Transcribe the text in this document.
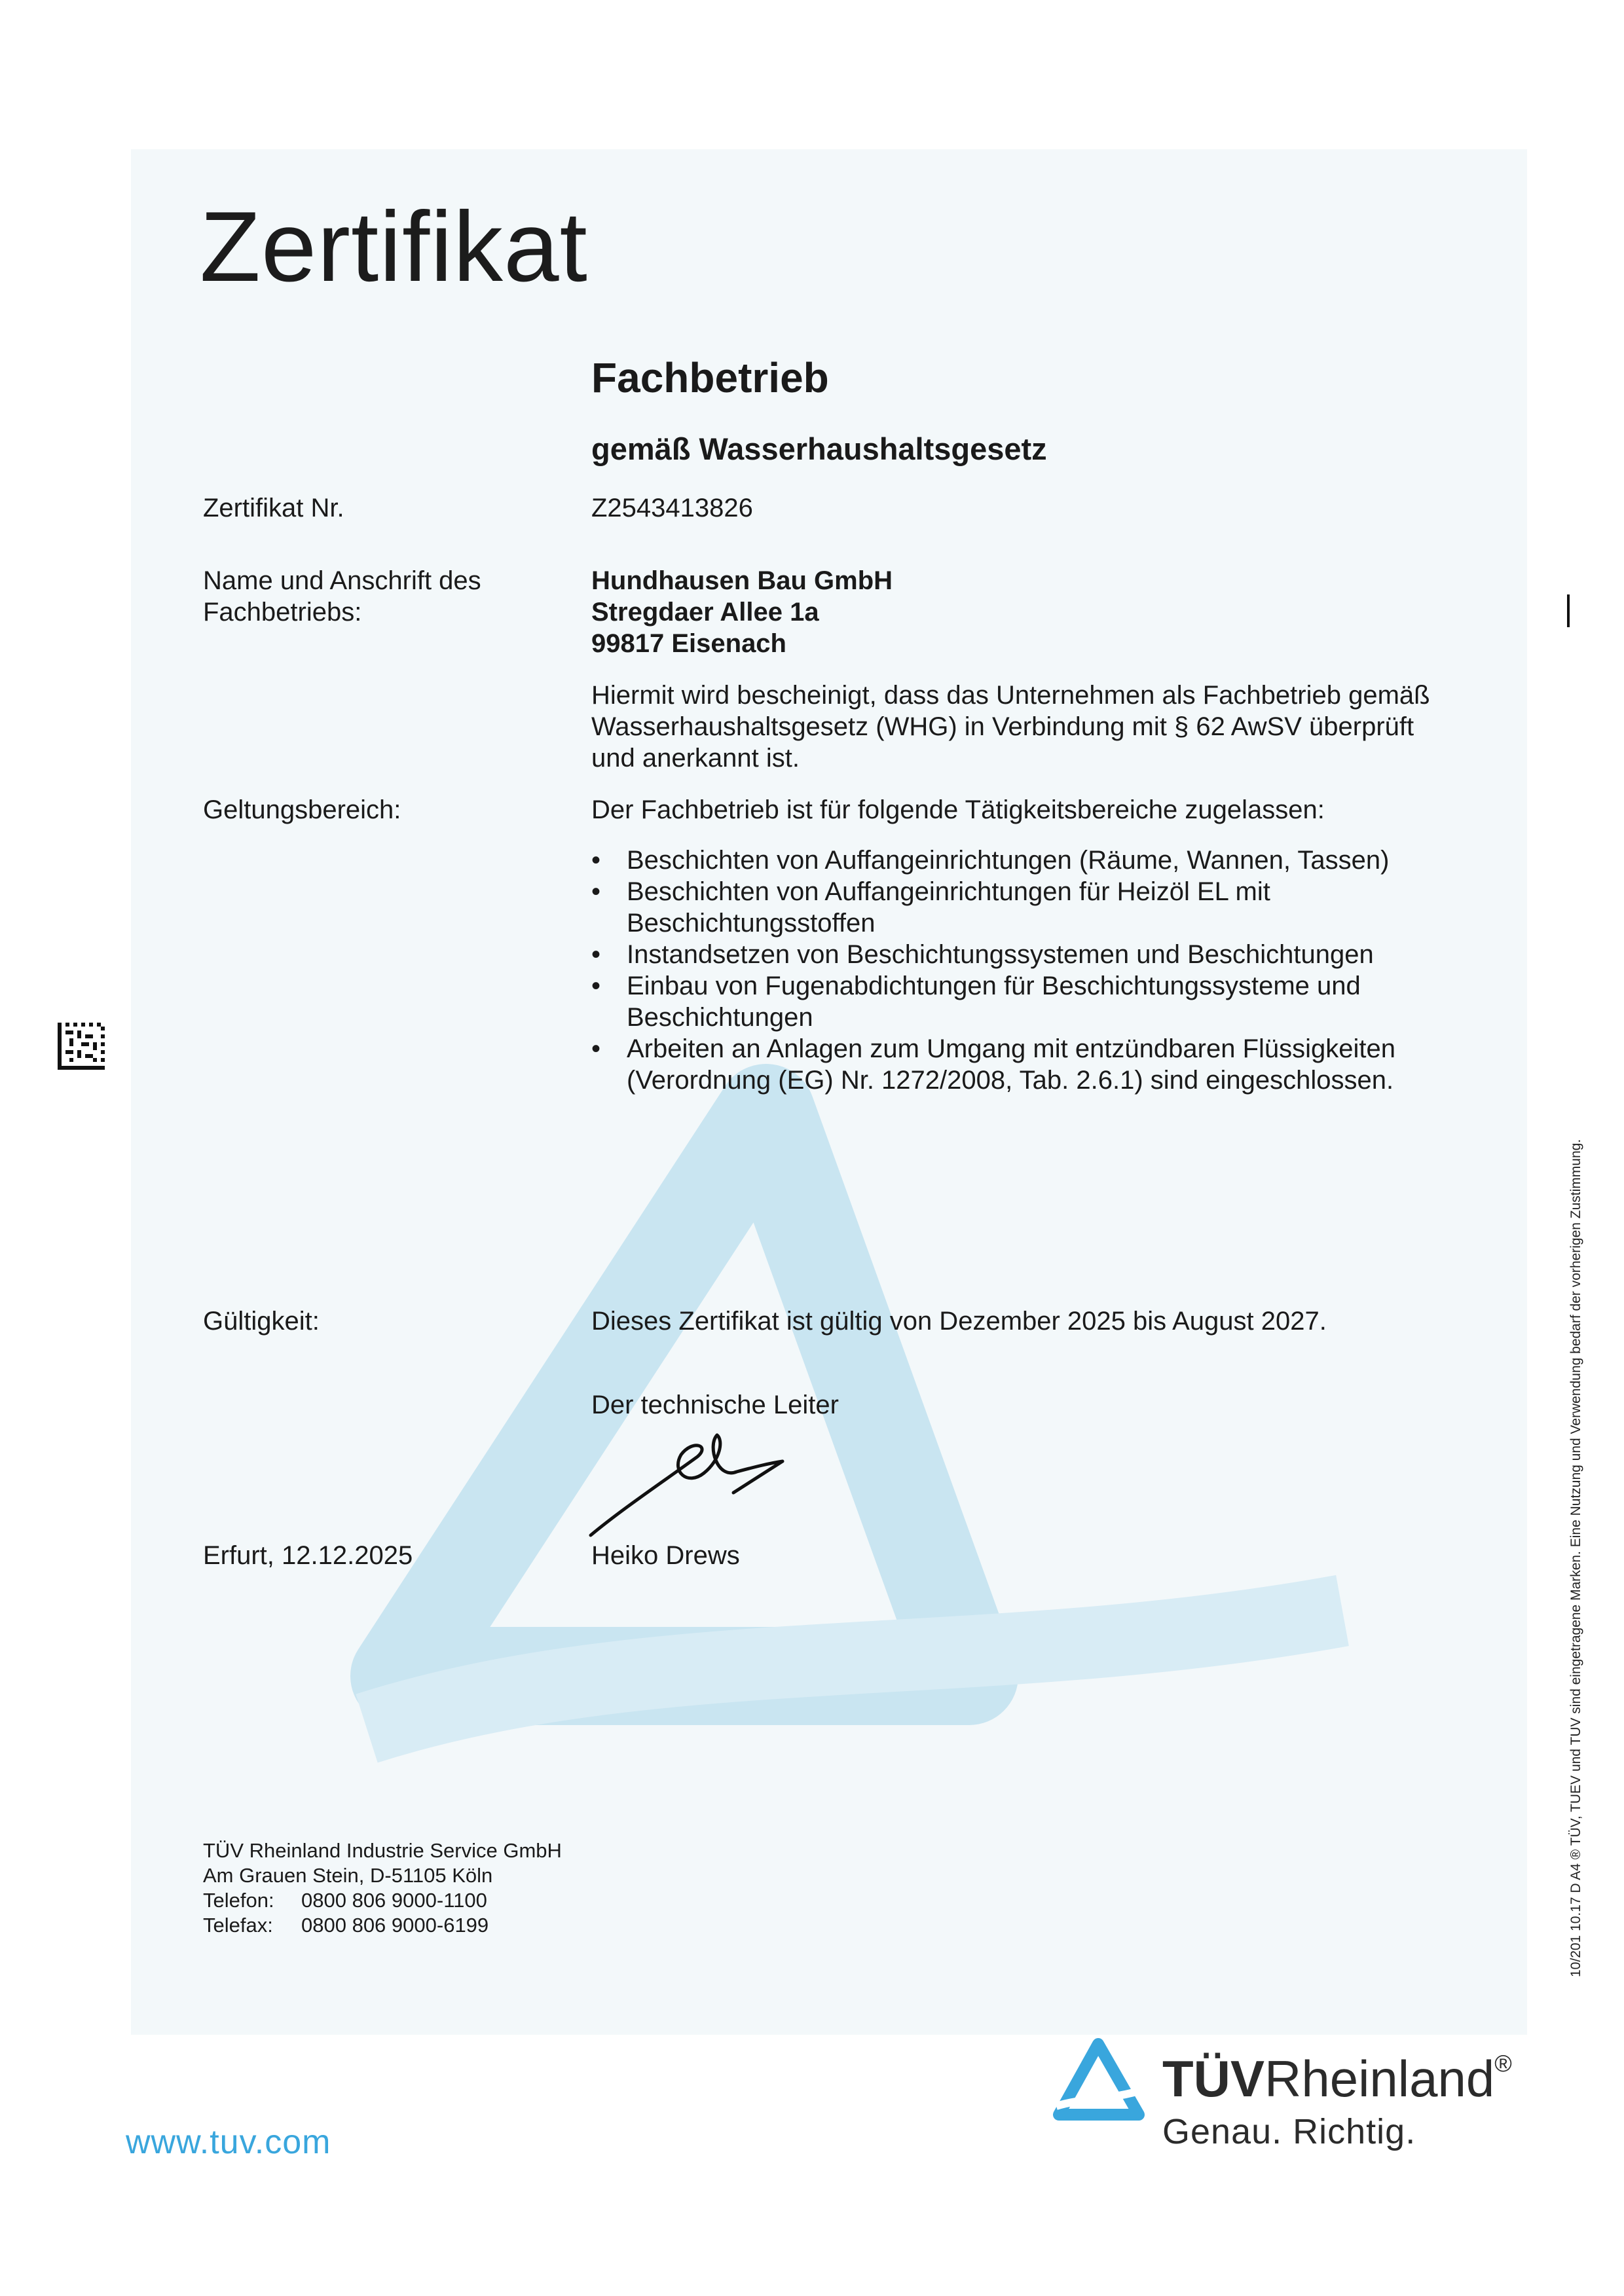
Zertifikat
Fachbetrieb
gemäß Wasserhaushaltsgesetz
Zertifikat Nr.	Z2543413826
Name und Anschrift des
Fachbetriebs:
Hundhausen Bau GmbH
Stregdaer Allee 1a
99817 Eisenach
Hiermit wird bescheinigt, dass das Unternehmen als Fachbetrieb gemäß Wasserhaushaltsgesetz (WHG) in Verbindung mit § 62 AwSV überprüft und anerkannt ist.
Geltungsbereich:	Der Fachbetrieb ist für folgende Tätigkeitsbereiche zugelassen:
• Beschichten von Auffangeinrichtungen (Räume, Wannen, Tassen)
• Beschichten von Auffangeinrichtungen für Heizöl EL mit Beschichtungsstoffen
• Instandsetzen von Beschichtungssystemen und Beschichtungen
• Einbau von Fugenabdichtungen für Beschichtungssysteme und Beschichtungen
• Arbeiten an Anlagen zum Umgang mit entzündbaren Flüssigkeiten (Verordnung (EG) Nr. 1272/2008, Tab. 2.6.1) sind eingeschlossen.
Gültigkeit:	Dieses Zertifikat ist gültig von Dezember 2025 bis August 2027.
Der technische Leiter
Erfurt, 12.12.2025	Heiko Drews
TÜV Rheinland Industrie Service GmbH
Am Grauen Stein, D-51105 Köln
Telefon: 0800 806 9000-1100
Telefax: 0800 806 9000-6199
www.tuv.com
TÜVRheinland®
Genau. Richtig.
10/201 10.17 D A4 ® TÜV, TUEV und TUV sind eingetragene Marken. Eine Nutzung und Verwendung bedarf der vorherigen Zustimmung.
